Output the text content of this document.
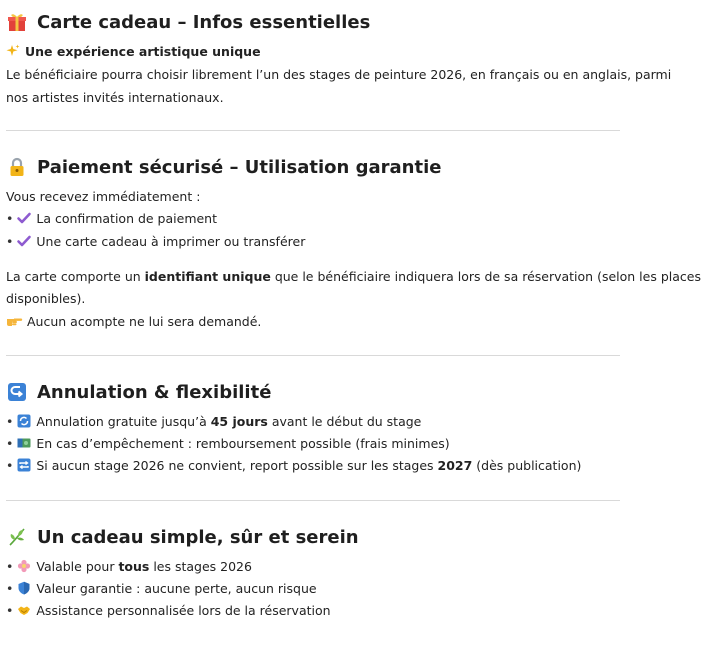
Carte cadeau – Infos essentielles
Une expérience artistique unique
Le bénéficiaire pourra choisir librement l’un des stages de peinture 2026, en français ou en anglais, parmi
nos artistes invités internationaux.
Paiement sécurisé – Utilisation garantie
Vous recevez immédiatement :
• La confirmation de paiement
• Une carte cadeau à imprimer ou transférer
La carte comporte un identifiant unique que le bénéficiaire indiquera lors de sa réservation (selon les places
disponibles).
Aucun acompte ne lui sera demandé.
Annulation & flexibilité
• Annulation gratuite jusqu’à 45 jours avant le début du stage
• En cas d’empêchement : remboursement possible (frais minimes)
• Si aucun stage 2026 ne convient, report possible sur les stages 2027 (dès publication)
Un cadeau simple, sûr et serein
• Valable pour tous les stages 2026
• Valeur garantie : aucune perte, aucun risque
• Assistance personnalisée lors de la réservation
